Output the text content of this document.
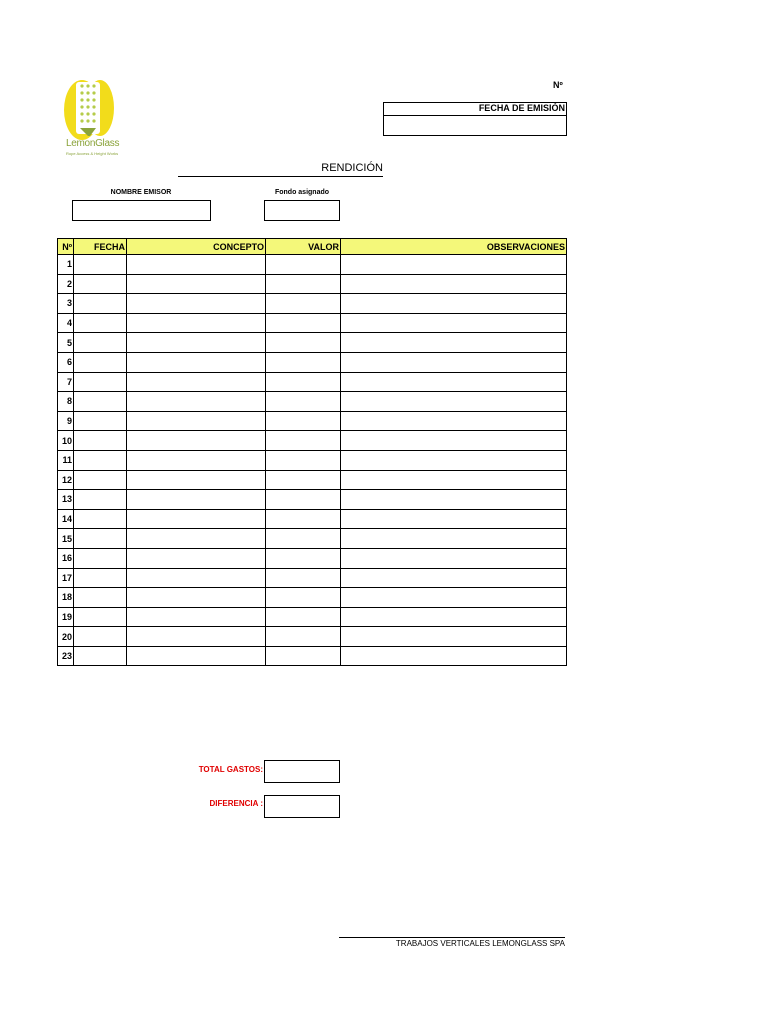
LemonGlass
Rope Access & Height Works
Nº
FECHA DE EMISIÓN
RENDICIÓN
NOMBRE EMISOR	Fondo asignado
Nº	FECHA	CONCEPTO	VALOR	OBSERVACIONES
1				
2				
3				
4				
5				
6				
7				
8				
9				
10				
11				
12				
13				
14				
15				
16				
17				
18				
19				
20				
23				
TOTAL GASTOS:
DIFERENCIA :
TRABAJOS VERTICALES LEMONGLASS SPA
